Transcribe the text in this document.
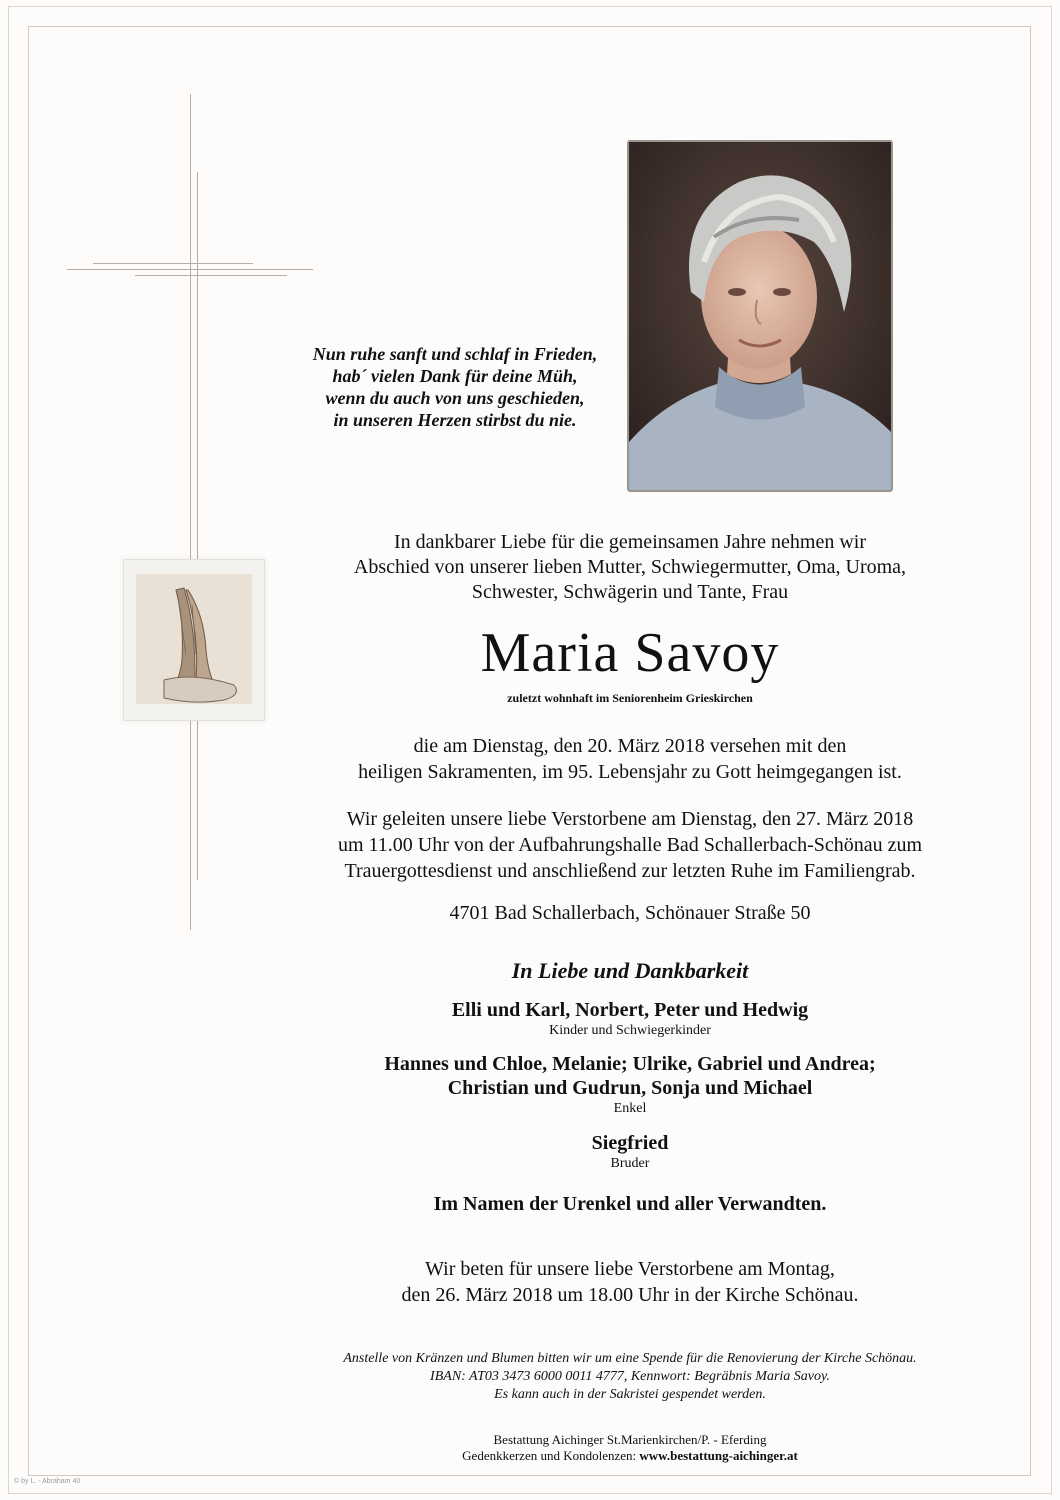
Nun ruhe sanft und schlaf in Frieden,
hab´ vielen Dank für deine Müh,
wenn du auch von uns geschieden,
in unseren Herzen stirbst du nie.
In dankbarer Liebe für die gemeinsamen Jahre nehmen wir
Abschied von unserer lieben Mutter, Schwiegermutter, Oma, Uroma,
Schwester, Schwägerin und Tante, Frau
Maria Savoy
zuletzt wohnhaft im Seniorenheim Grieskirchen
die am Dienstag, den 20. März 2018 versehen mit den
heiligen Sakramenten, im 95. Lebensjahr zu Gott heimgegangen ist.
Wir geleiten unsere liebe Verstorbene am Dienstag, den 27. März 2018
um 11.00 Uhr von der Aufbahrungshalle Bad Schallerbach-Schönau zum
Trauergottesdienst und anschließend zur letzten Ruhe im Familiengrab.
4701 Bad Schallerbach, Schönauer Straße 50
In Liebe und Dankbarkeit
Elli und Karl, Norbert, Peter und Hedwig
Kinder und Schwiegerkinder
Hannes und Chloe, Melanie; Ulrike, Gabriel und Andrea;
Christian und Gudrun, Sonja und Michael
Enkel
Siegfried
Bruder
Im Namen der Urenkel und aller Verwandten.
Wir beten für unsere liebe Verstorbene am Montag,
den 26. März 2018 um 18.00 Uhr in der Kirche Schönau.
Anstelle von Kränzen und Blumen bitten wir um eine Spende für die Renovierung der Kirche Schönau.
IBAN: AT03 3473 6000 0011 4777, Kennwort: Begräbnis Maria Savoy.
Es kann auch in der Sakristei gespendet werden.
Bestattung Aichinger St.Marienkirchen/P. - Eferding
Gedenkkerzen und Kondolenzen: www.bestattung-aichinger.at
© by L. - Abraham 40
